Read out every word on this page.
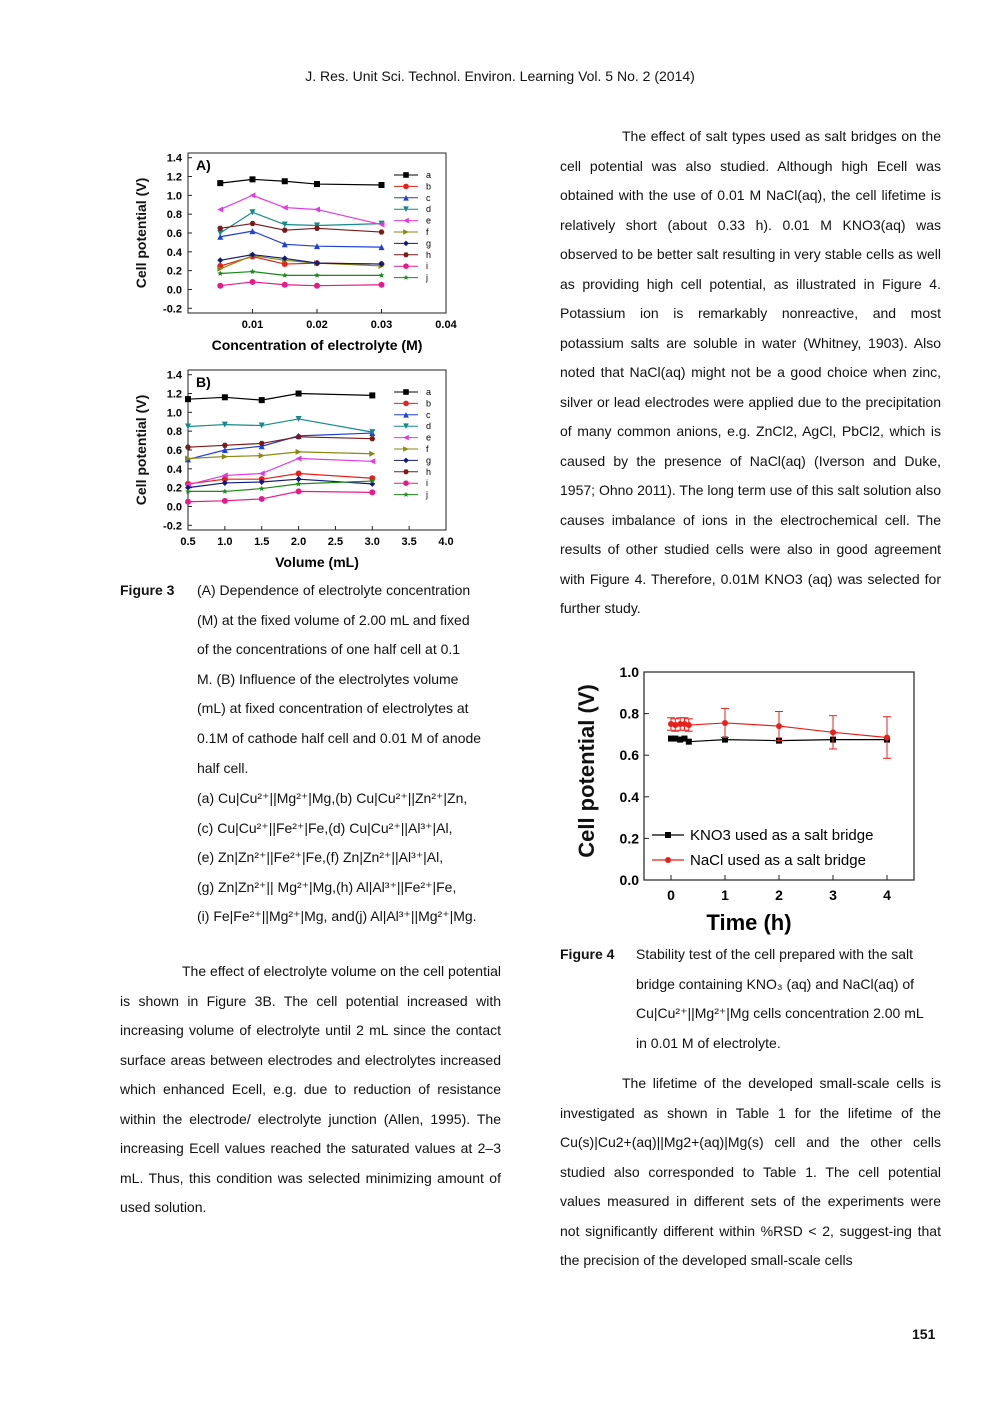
J. Res. Unit Sci. Technol. Environ. Learning Vol. 5 No. 2 (2014)
-0.2
0.0
0.2
0.4
0.6
0.8
1.0
1.2
1.4
0.01	0.02	0.03	0.04
Concentration of electrolyte (M)
Cell potential (V)
A)
a
b
c
d
e
f
g
h
i
j
-0.2
0.0
0.2
0.4
0.6
0.8
1.0
1.2
1.4
0.5 1.0 1.5 2.0 2.5 3.0 3.5 4.0
Volume (mL)
Cell potential (V)
B)
a
b
c
d
e
f
g
h
i
j
Figure 3 (A) Dependence of electrolyte concentration
(M) at the fixed volume of 2.00 mL and fixed
of the concentrations of one half cell at 0.1
M. (B) Influence of the electrolytes volume
(mL) at fixed concentration of electrolytes at
0.1M of cathode half cell and 0.01 M of anode
half cell.
(a) Cu|Cu²⁺||Mg²⁺|Mg,(b) Cu|Cu²⁺||Zn²⁺|Zn,
(c) Cu|Cu²⁺||Fe²⁺|Fe,(d) Cu|Cu²⁺||Al³⁺|Al,
(e) Zn|Zn²⁺||Fe²⁺|Fe,(f) Zn|Zn²⁺||Al³⁺|Al,
(g) Zn|Zn²⁺|| Mg²⁺|Mg,(h) Al|Al³⁺||Fe²⁺|Fe,
(i) Fe|Fe²⁺||Mg²⁺|Mg, and(j) Al|Al³⁺||Mg²⁺|Mg.

The effect of electrolyte volume on the cell potential is shown in Figure 3B. The cell potential increased with increasing volume of electrolyte until 2 mL since the contact surface areas between electrodes and electrolytes increased which enhanced Ecell, e.g. due to reduction of resistance within the electrode/ electrolyte junction (Allen, 1995). The increasing Ecell values reached the saturated values at 2–3 mL. Thus, this condition was selected minimizing amount of used solution.

The effect of salt types used as salt bridges on the cell potential was also studied. Although high Ecell was obtained with the use of 0.01 M NaCl(aq), the cell lifetime is relatively short (about 0.33 h). 0.01 M KNO3(aq) was observed to be better salt resulting in very stable cells as well as providing high cell potential, as illustrated in Figure 4. Potassium ion is remarkably nonreactive, and most potassium salts are soluble in water (Whitney, 1903). Also noted that NaCl(aq) might not be a good choice when zinc, silver or lead electrodes were applied due to the precipitation of many common anions, e.g. ZnCl2, AgCl, PbCl2, which is caused by the presence of NaCl(aq) (Iverson and Duke, 1957; Ohno 2011). The long term use of this salt solution also causes imbalance of ions in the electrochemical cell. The results of other studied cells were also in good agreement with Figure 4. Therefore, 0.01M KNO3 (aq) was selected for further study.

0.0
0.2
0.4
0.6
0.8
1.0
0	1	2	3	4
Time (h)
Cell potential (V)	KNO3 used as a salt bridge
NaCl used as a salt bridge
Figure 4 Stability test of the cell prepared with the salt
bridge containing KNO₃ (aq) and NaCl(aq) of
Cu|Cu²⁺||Mg²⁺|Mg cells concentration 2.00 mL
in 0.01 M of electrolyte.

The lifetime of the developed small-scale cells is investigated as shown in Table 1 for the lifetime of the Cu(s)|Cu2+(aq)||Mg2+(aq)|Mg(s) cell and the other cells studied also corresponded to Table 1. The cell potential values measured in different sets of the experiments were not significantly different within %RSD < 2, suggest-ing that the precision of the developed small-scale cells

151
